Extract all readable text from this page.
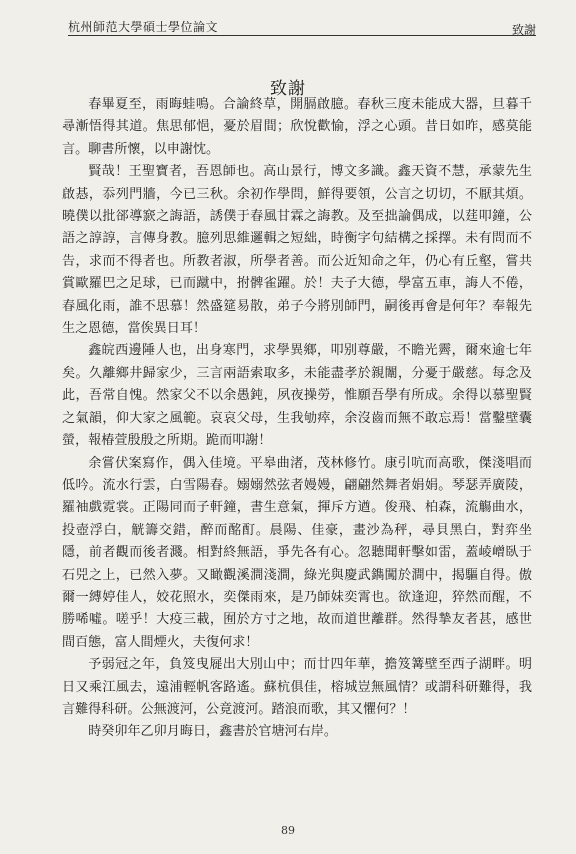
杭州師范大學碩士學位論文	致謝
致謝

春畢夏至，雨晦蛙鳴。合論終草，開膈啟臆。春秋三度未能成大器，旦暮千尋漸悟得其道。焦思郁悒，憂於眉間；欣悅歡愉，浮之心頭。昔日如昨，感莫能言。聊書所懷，以申謝忱。

賢哉！王聖寶者，吾恩師也。高山景行，博文多識。鑫天資不慧，承蒙先生啟惎，忝列門牆，今已三秋。余初作學問，鮮得要領，公言之切切，不厭其煩。曉僕以批郤導窾之誨語，誘僕于春風甘霖之誨教。及至拙論偶成，以莛叩鐘，公語之諄諄，言傳身教。臆列思維邏輯之短絀，時衡字句結構之採擇。未有問而不告，求而不得者也。所教者淑，所學者善。而公近知命之年，仍心有丘壑，嘗共賞歐羅巴之足球，已而蹴中，拊髀雀躍。於！夫子大德，學富五車，誨人不倦，春風化雨，誰不思慕！然盛筵易散，弟子今將別師門，嗣後再會是何年？奉報先生之恩德，當俟異日耳！

鑫皖西邊陲人也，出身寒門，求學異鄉，叩别尊嚴，不瞻光霽，爾來逾七年矣。久離鄉井歸家少，三言兩語索取多，未能盡孝於親闈，分憂于嚴慈。每念及此，吾常自愧。然家父不以余愚鈍，夙夜操勞，惟願吾學有所成。余得以慕聖賢之氣韻，仰大家之風範。哀哀父母，生我劬瘁，余沒齒而無不敢忘焉！當鑿壁囊螢，報椿萱殷殷之所期。跪而叩謝！

余嘗伏案寫作，偶入佳境。平皋曲渚，茂林修竹。康引吭而高歌，傑淺唱而低吟。流水行雲，白雪陽春。嫋嫋然弦者嫚嫚，翩翩然舞者娟娟。琴瑟弄廣陵，羅袖戲霓裳。正陽同而子軒鐘，書生意氣，揮斥方遒。俊飛、柏森，流觴曲水，投壺浮白，觥籌交錯，醉而酩酊。晨陽、佳豪，畫沙為秤，尋貝黑白，對弈坐隱，前者觀而後者濺。相對終無語，爭先各有心。忽聽聞軒擊如雷，蓋崚嶒臥于石兕之上，已然入夢。又瞰觀溪澗淺澗，綠光與慶武鐫闖於澗中，揭驅自得。傲爾一縛婷佳人，姣花照水，奕傑雨來，是乃師妹奕霄也。欲逢迎，猝然而醒，不勝唏噓。嗟乎！大疫三載，囿於方寸之地，故而道世離群。然得摯友者甚，感世間百態，富人間煙火，夫復何求！

予弱冠之年，負笈曳屣出大別山中；而廿四年華，擔笈篝壁至西子湖畔。明日又乘江風去，遠浦輕帆客路遙。蘇杭俱佳，榕城豈無風情？或謂科研難得，我言難得科研。公無渡河，公竟渡河。踏浪而歌，其又懼何？！

時癸卯年乙卯月晦日，鑫書於官塘河右岸。

89
